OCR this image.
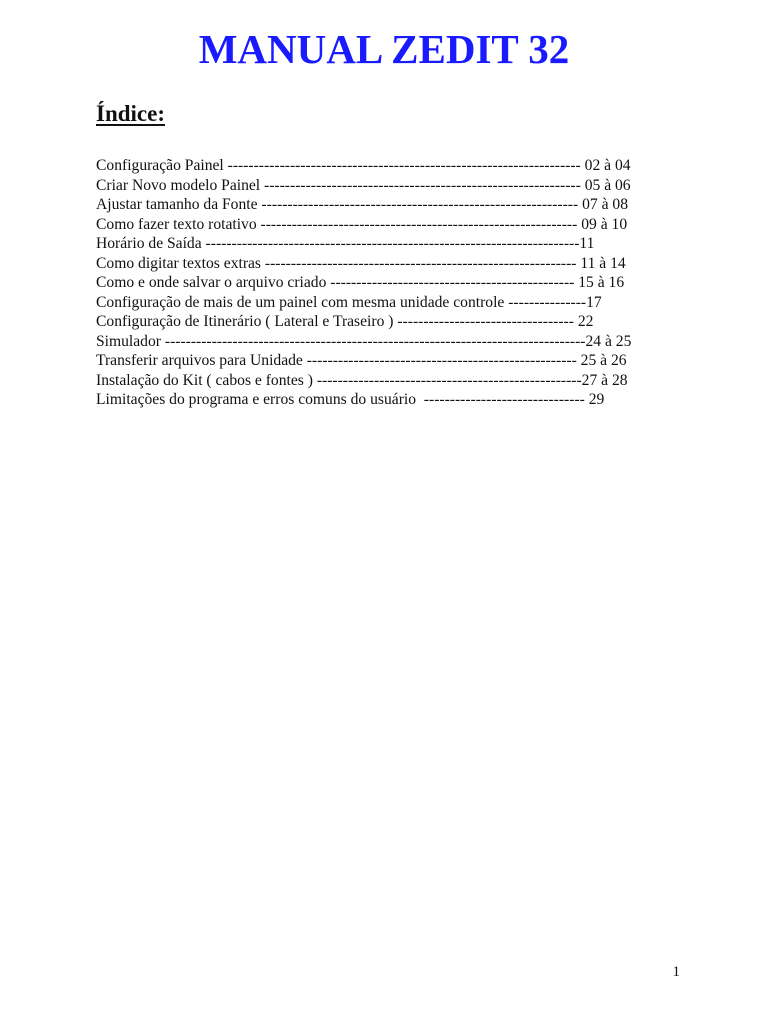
MANUAL ZEDIT 32
Índice:
Configuração Painel -------------------------------------------------------------------- 02 à 04
Criar Novo modelo Painel ------------------------------------------------------------- 05 à 06
Ajustar tamanho da Fonte ------------------------------------------------------------- 07 à 08
Como fazer texto rotativo ------------------------------------------------------------- 09 à 10
Horário de Saída ------------------------------------------------------------------------11
Como digitar textos extras ------------------------------------------------------------ 11 à 14
Como e onde salvar o arquivo criado ----------------------------------------------- 15 à 16
Configuração de mais de um painel com mesma unidade controle ---------------17
Configuração de Itinerário ( Lateral e Traseiro ) ---------------------------------- 22
Simulador ---------------------------------------------------------------------------------24 à 25
Transferir arquivos para Unidade ---------------------------------------------------- 25 à 26
Instalação do Kit ( cabos e fontes ) ---------------------------------------------------27 à 28
Limitações do programa e erros comuns do usuário  ------------------------------- 29
1
